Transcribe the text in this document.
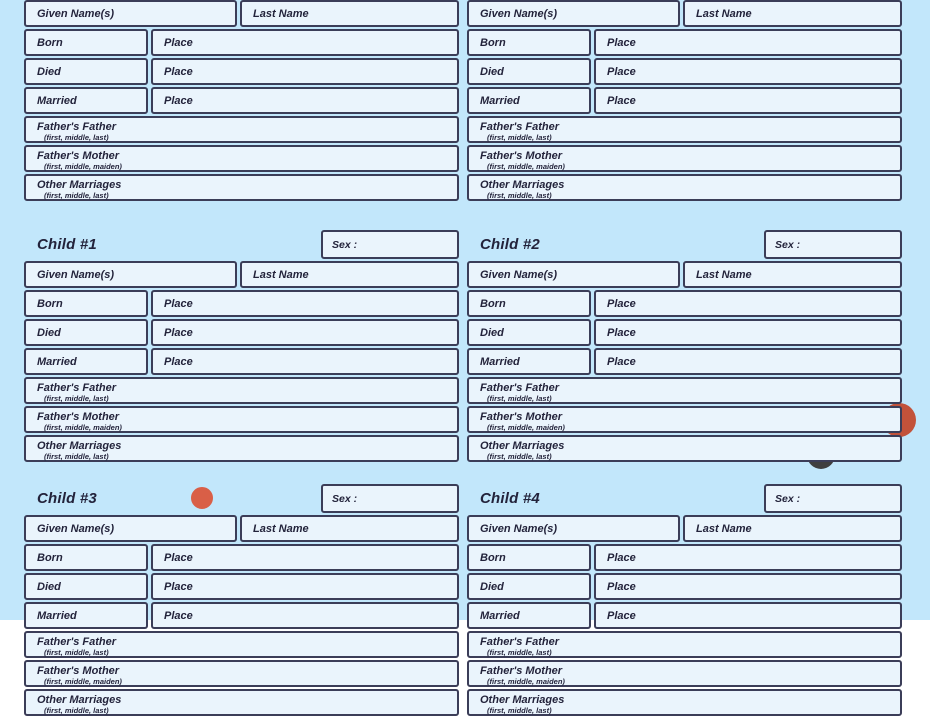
Given Name(s)	Last Name
Born	Place
Died	Place
Married	Place
Father's Father
(first, middle, last)
Father's Mother
(first, middle, maiden)
Other Marriages
(first, middle, last)
Child #1	Sex :
Given Name(s)	Last Name
Born	Place
Died	Place
Married	Place
Father's Father
(first, middle, last)
Father's Mother
(first, middle, maiden)
Other Marriages
(first, middle, last)
Child #3	Sex :
Given Name(s)	Last Name
Born	Place
Died	Place
Married	Place
Father's Father
(first, middle, last)
Father's Mother
(first, middle, maiden)
Other Marriages
(first, middle, last)
Given Name(s)	Last Name
Born	Place
Died	Place
Married	Place
Father's Father
(first, middle, last)
Father's Mother
(first, middle, maiden)
Other Marriages
(first, middle, last)
Child #2	Sex :
Given Name(s)	Last Name
Born	Place
Died	Place
Married	Place
Father's Father
(first, middle, last)
Father's Mother
(first, middle, maiden)
Other Marriages
(first, middle, last)
Child #4	Sex :
Given Name(s)	Last Name
Born	Place
Died	Place
Married	Place
Father's Father
(first, middle, last)
Father's Mother
(first, middle, maiden)
Other Marriages
(first, middle, last)
